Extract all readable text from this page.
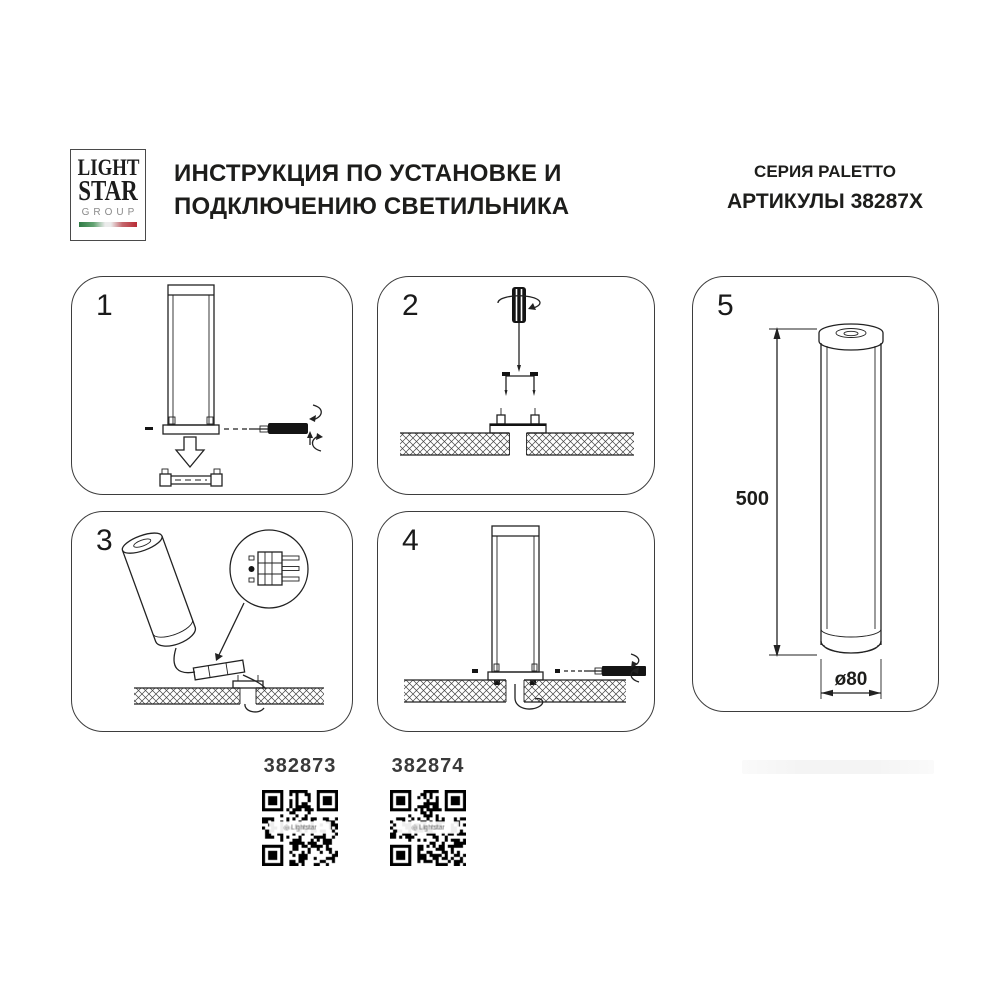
LIGHT
STAR
GROUP
ИНСТРУКЦИЯ ПО УСТАНОВКЕ И
ПОДКЛЮЧЕНИЮ СВЕТИЛЬНИКА
СЕРИЯ PALETTO
АРТИКУЛЫ 38287X
1	2
3	4
5
500
ø80
382873	382874
